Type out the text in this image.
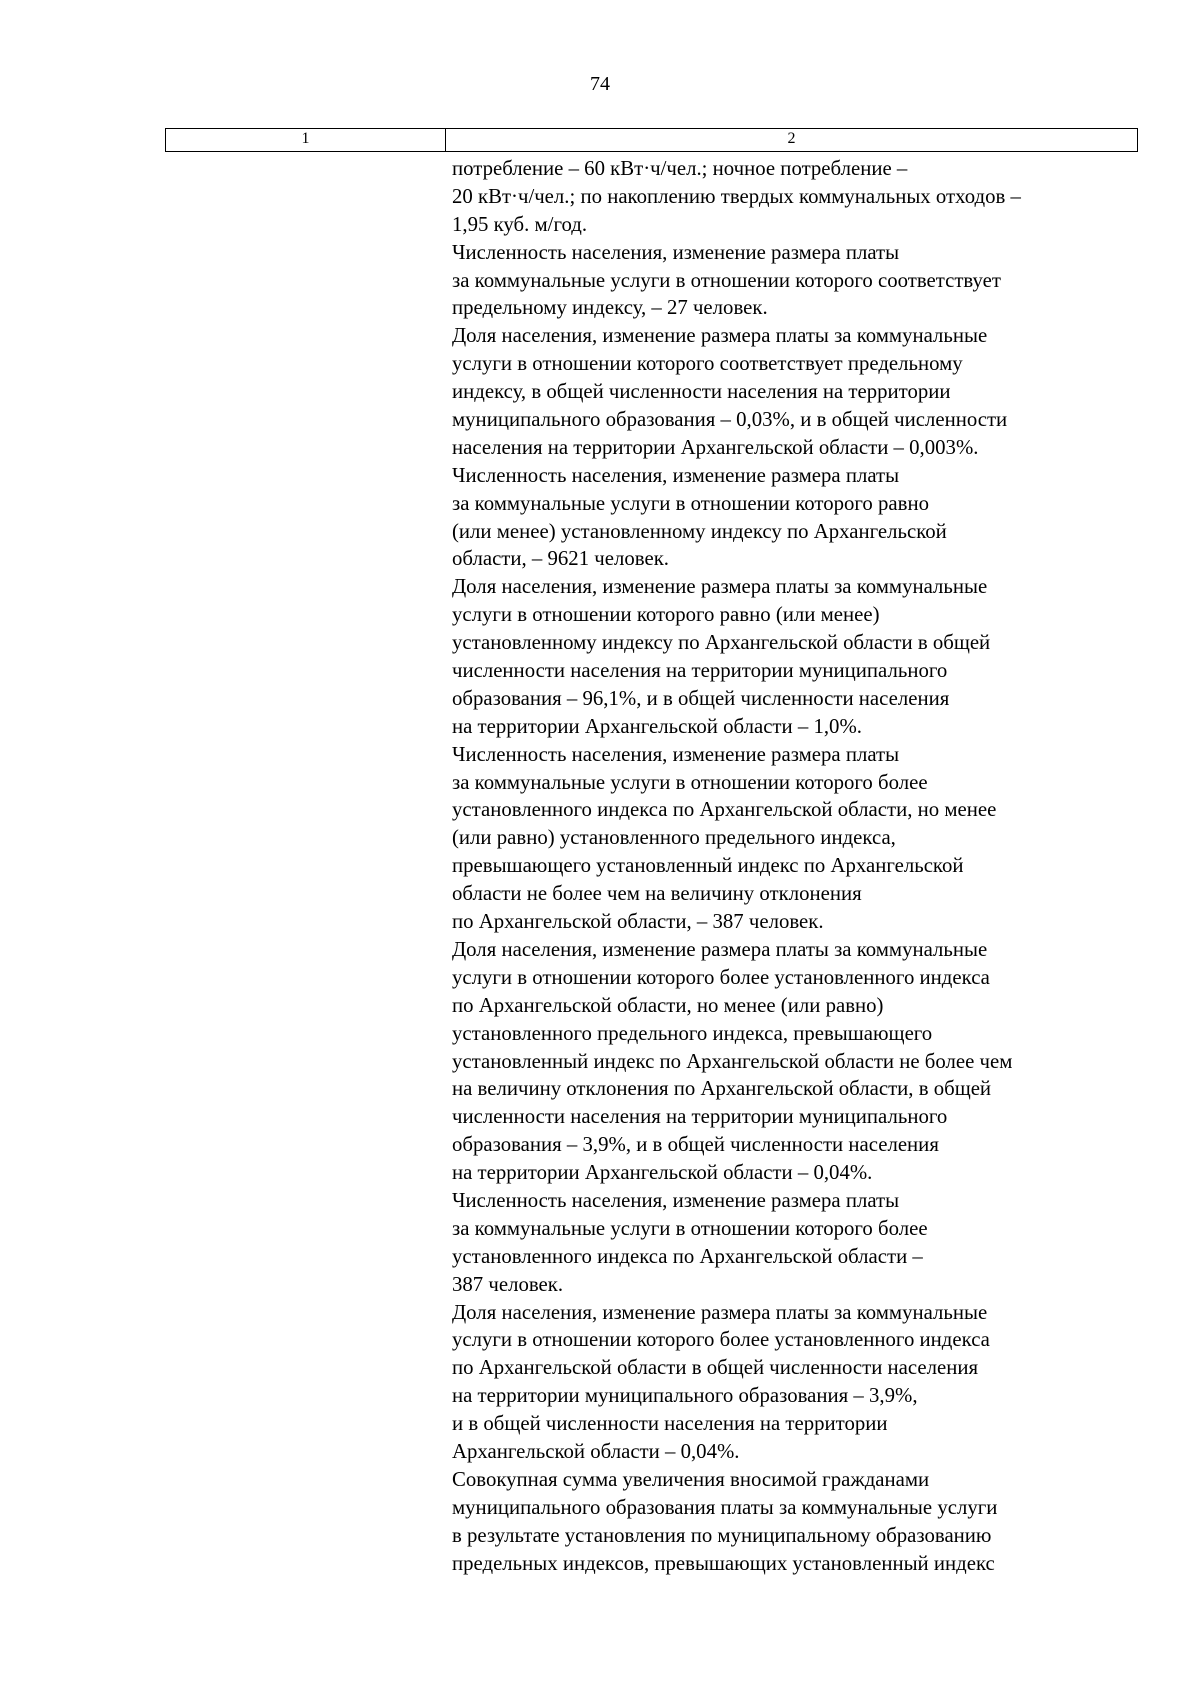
74
1	2
потребление – 60 кВт·ч/чел.; ночное потребление –
20 кВт·ч/чел.; по накоплению твердых коммунальных отходов –
1,95 куб. м/год.
Численность населения, изменение размера платы
за коммунальные услуги в отношении которого соответствует
предельному индексу, – 27 человек.
Доля населения, изменение размера платы за коммунальные
услуги в отношении которого соответствует предельному
индексу, в общей численности населения на территории
муниципального образования – 0,03%, и в общей численности
населения на территории Архангельской области – 0,003%.
Численность населения, изменение размера платы
за коммунальные услуги в отношении которого равно
(или менее) установленному индексу по Архангельской
области, – 9621 человек.
Доля населения, изменение размера платы за коммунальные
услуги в отношении которого равно (или менее)
установленному индексу по Архангельской области в общей
численности населения на территории муниципального
образования – 96,1%, и в общей численности населения
на территории Архангельской области – 1,0%.
Численность населения, изменение размера платы
за коммунальные услуги в отношении которого более
установленного индекса по Архангельской области, но менее
(или равно) установленного предельного индекса,
превышающего установленный индекс по Архангельской
области не более чем на величину отклонения
по Архангельской области, – 387 человек.
Доля населения, изменение размера платы за коммунальные
услуги в отношении которого более установленного индекса
по Архангельской области, но менее (или равно)
установленного предельного индекса, превышающего
установленный индекс по Архангельской области не более чем
на величину отклонения по Архангельской области, в общей
численности населения на территории муниципального
образования – 3,9%, и в общей численности населения
на территории Архангельской области – 0,04%.
Численность населения, изменение размера платы
за коммунальные услуги в отношении которого более
установленного индекса по Архангельской области –
387 человек.
Доля населения, изменение размера платы за коммунальные
услуги в отношении которого более установленного индекса
по Архангельской области в общей численности населения
на территории муниципального образования – 3,9%,
и в общей численности населения на территории
Архангельской области – 0,04%.
Совокупная сумма увеличения вносимой гражданами
муниципального образования платы за коммунальные услуги
в результате установления по муниципальному образованию
предельных индексов, превышающих установленный индекс
